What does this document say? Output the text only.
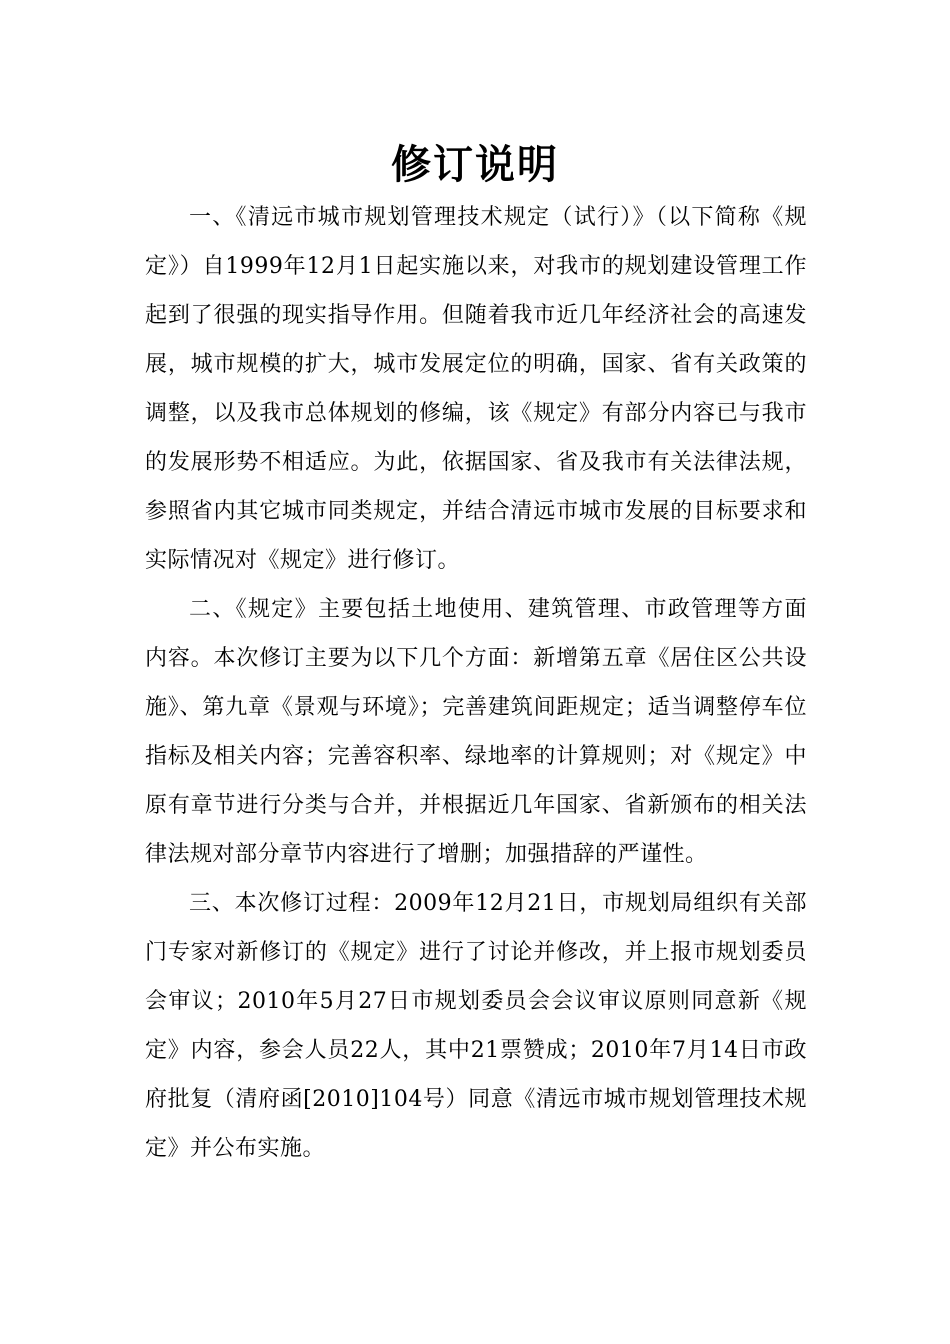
修订说明

一、《清远市城市规划管理技术规定（试行）》（以下简称《规定》）自1999年12月1日起实施以来，对我市的规划建设管理工作起到了很强的现实指导作用。但随着我市近几年经济社会的高速发展，城市规模的扩大，城市发展定位的明确，国家、省有关政策的调整，以及我市总体规划的修编，该《规定》有部分内容已与我市的发展形势不相适应。为此，依据国家、省及我市有关法律法规，参照省内其它城市同类规定，并结合清远市城市发展的目标要求和实际情况对《规定》进行修订。

二、《规定》主要包括土地使用、建筑管理、市政管理等方面内容。本次修订主要为以下几个方面：新增第五章《居住区公共设施》、第九章《景观与环境》；完善建筑间距规定；适当调整停车位指标及相关内容；完善容积率、绿地率的计算规则；对《规定》中原有章节进行分类与合并，并根据近几年国家、省新颁布的相关法律法规对部分章节内容进行了增删；加强措辞的严谨性。

三、本次修订过程：2009年12月21日，市规划局组织有关部门专家对新修订的《规定》进行了讨论并修改，并上报市规划委员会审议；2010年5月27日市规划委员会会议审议原则同意新《规定》内容，参会人员22人，其中21票赞成；2010年7月14日市政府批复（清府函[2010]104号）同意《清远市城市规划管理技术规定》并公布实施。
